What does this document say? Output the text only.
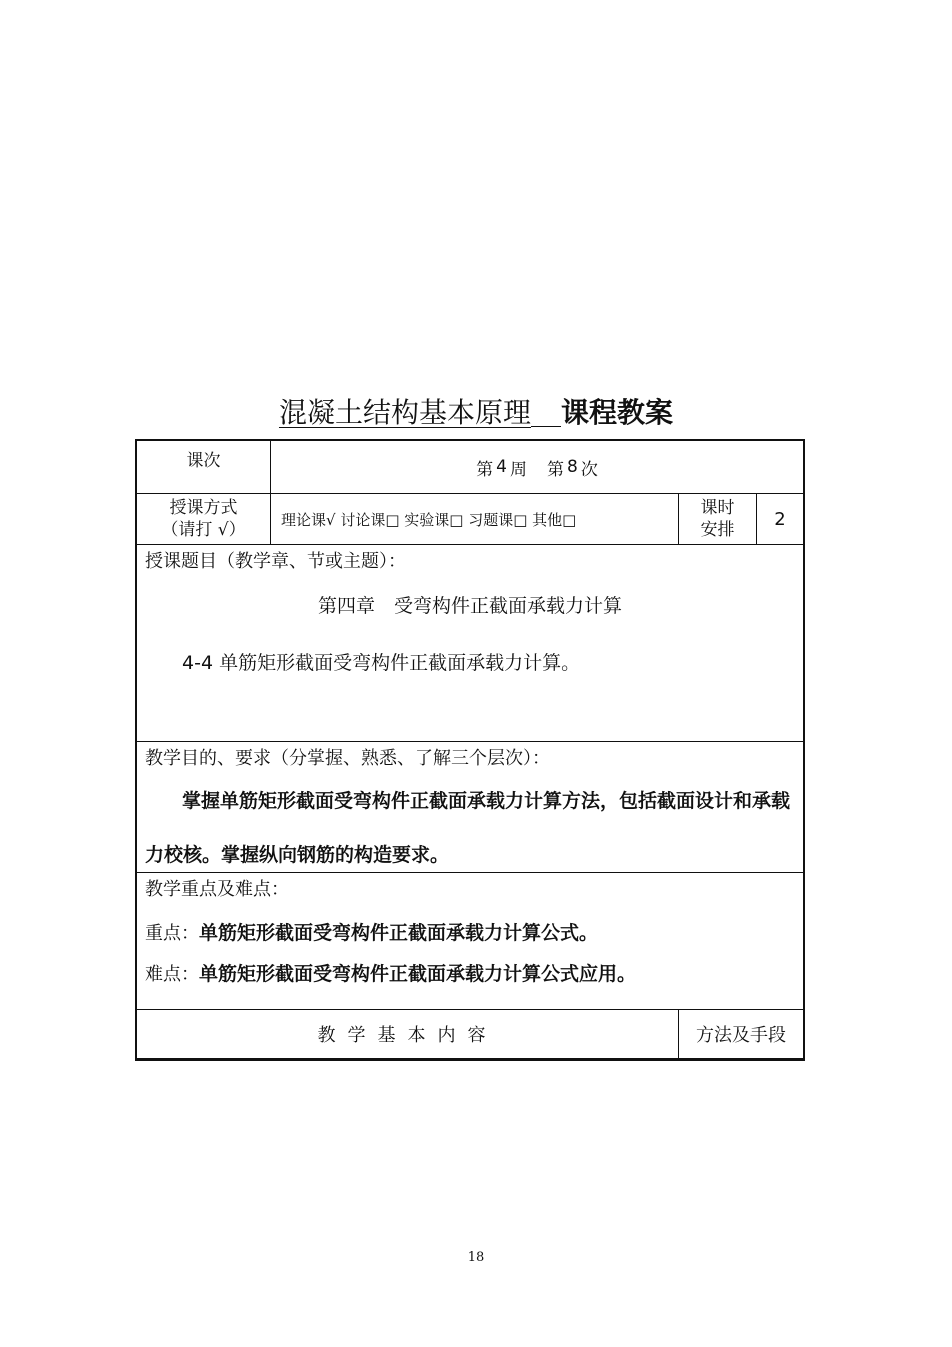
混凝土结构基本原理 课程教案
课次	第 4 周 第 8 次
授课方式
（请打 √）
理论课√ 讨论课□ 实验课□ 习题课□ 其他□
课时
安排
2
授课题目（教学章、节或主题）：
第四章　受弯构件正截面承载力计算
4-4 单筋矩形截面受弯构件正截面承载力计算。
教学目的、要求（分掌握、熟悉、了解三个层次）：
掌握单筋矩形截面受弯构件正截面承载力计算方法，包括截面设计和承载力校核。掌握纵向钢筋的构造要求。
教学重点及难点：
重点：单筋矩形截面受弯构件正截面承载力计算公式。
难点：单筋矩形截面受弯构件正截面承载力计算公式应用。
教学基本内容	方法及手段
18
